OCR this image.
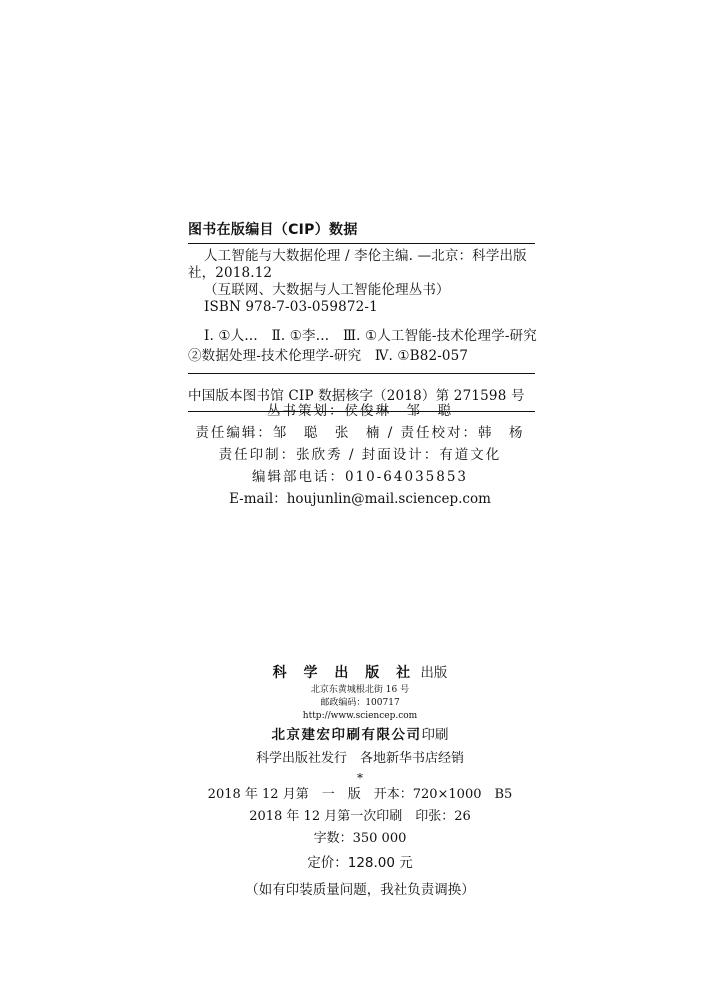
图书在版编目（CIP）数据
人工智能与大数据伦理 / 李伦主编. —北京：科学出版
社，2018.12
（互联网、大数据与人工智能伦理丛书）
ISBN 978-7-03-059872-1
Ⅰ. ①人…　Ⅱ. ①李…　Ⅲ. ①人工智能-技术伦理学-研究
②数据处理-技术伦理学-研究　Ⅳ. ①B82-057
中国版本图书馆 CIP 数据核字（2018）第 271598 号
丛书策划：侯俊琳　邹　聪
责任编辑：邹　聪　张　楠 / 责任校对：韩　杨
责任印制：张欣秀 / 封面设计：有道文化
编辑部电话：010-64035853
E-mail：houjunlin@mail.sciencep.com
科 学 出 版 社 出版
北京东黄城根北街 16 号
邮政编码：100717
http://www.sciencep.com
北京建宏印刷有限公司印刷
科学出版社发行　各地新华书店经销
*
2018 年 12 月第　一　版　开本：720×1000　B5
2018 年 12 月第一次印刷　印张：26
字数：350 000
定价：128.00 元
（如有印装质量问题，我社负责调换）
